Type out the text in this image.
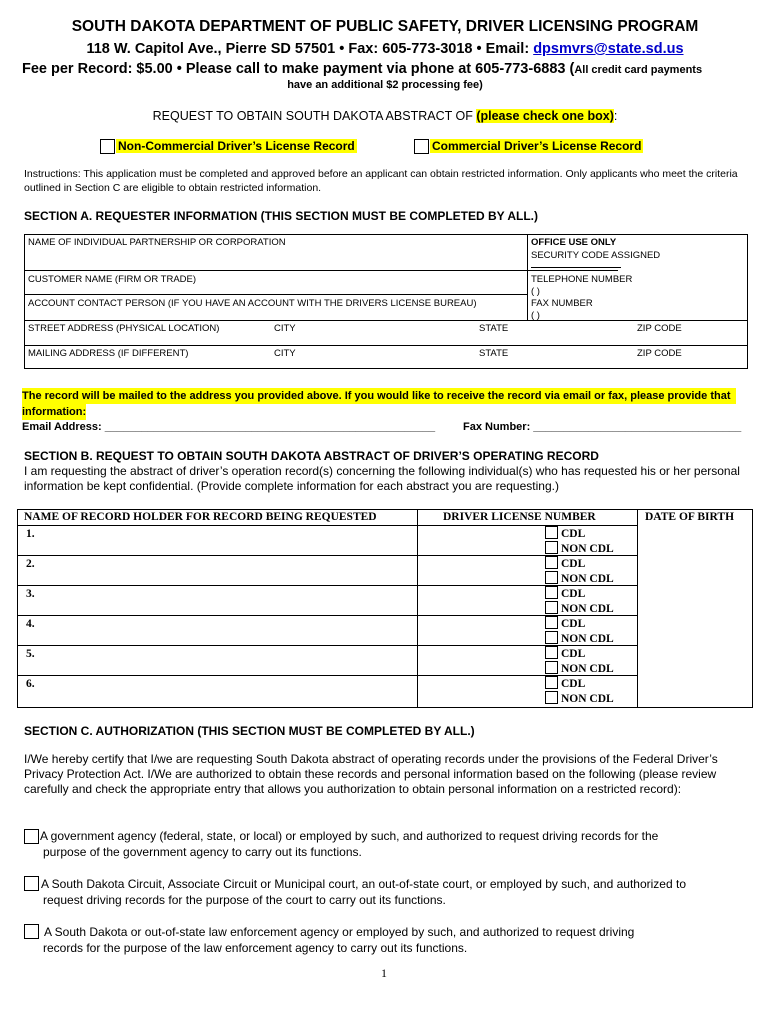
SOUTH DAKOTA DEPARTMENT OF PUBLIC SAFETY, DRIVER LICENSING PROGRAM
118 W. Capitol Ave., Pierre SD 57501 • Fax: 605-773-3018 • Email: dpsmvrs@state.sd.us
Fee per Record: $5.00 • Please call to make payment via phone at 605-773-6883 (All credit card payments
have an additional $2 processing fee)
REQUEST TO OBTAIN SOUTH DAKOTA ABSTRACT OF (please check one box):
Non-Commercial Driver’s License Record	Commercial Driver’s License Record
Instructions: This application must be completed and approved before an applicant can obtain restricted information. Only applicants who meet the criteria outlined in Section C are eligible to obtain restricted information.
SECTION A. REQUESTER INFORMATION (THIS SECTION MUST BE COMPLETED BY ALL.)
NAME OF INDIVIDUAL PARTNERSHIP OR CORPORATION	OFFICE USE ONLY
SECURITY CODE ASSIGNED
CUSTOMER NAME (FIRM OR TRADE)	TELEPHONE NUMBER
( )
ACCOUNT CONTACT PERSON (IF YOU HAVE AN ACCOUNT WITH THE DRIVERS LICENSE BUREAU)	FAX NUMBER
( )
STREET ADDRESS (PHYSICAL LOCATION)	CITY	STATE	ZIP CODE
MAILING ADDRESS (IF DIFFERENT)	CITY	STATE	ZIP CODE
The record will be mailed to the address you provided above. If you would like to receive the record via email or fax, please provide that
information:
Email Address: ______________________________________________________	Fax Number: __________________________________
SECTION B. REQUEST TO OBTAIN SOUTH DAKOTA ABSTRACT OF DRIVER’S OPERATING RECORD
I am requesting the abstract of driver’s operation record(s) concerning the following individual(s) who has requested his or her personal information be kept confidential. (Provide complete information for each abstract you are requesting.)
NAME OF RECORD HOLDER FOR RECORD BEING REQUESTED	DRIVER LICENSE NUMBER	DATE OF BIRTH
1.	CDL
NON CDL
2.	CDL
NON CDL
3.	CDL
NON CDL
4.	CDL
NON CDL
5.	CDL
NON CDL
6.	CDL
NON CDL
SECTION C. AUTHORIZATION (THIS SECTION MUST BE COMPLETED BY ALL.)
I/We hereby certify that I/we are requesting South Dakota abstract of operating records under the provisions of the Federal Driver’s Privacy Protection Act. I/We are authorized to obtain these records and personal information based on the following (please review carefully and check the appropriate entry that allows you authorization to obtain personal information on a restricted record):
A government agency (federal, state, or local) or employed by such, and authorized to request driving records for the
purpose of the government agency to carry out its functions.
A South Dakota Circuit, Associate Circuit or Municipal court, an out-of-state court, or employed by such, and authorized to
request driving records for the purpose of the court to carry out its functions.
A South Dakota or out-of-state law enforcement agency or employed by such, and authorized to request driving
records for the purpose of the law enforcement agency to carry out its functions.
1
